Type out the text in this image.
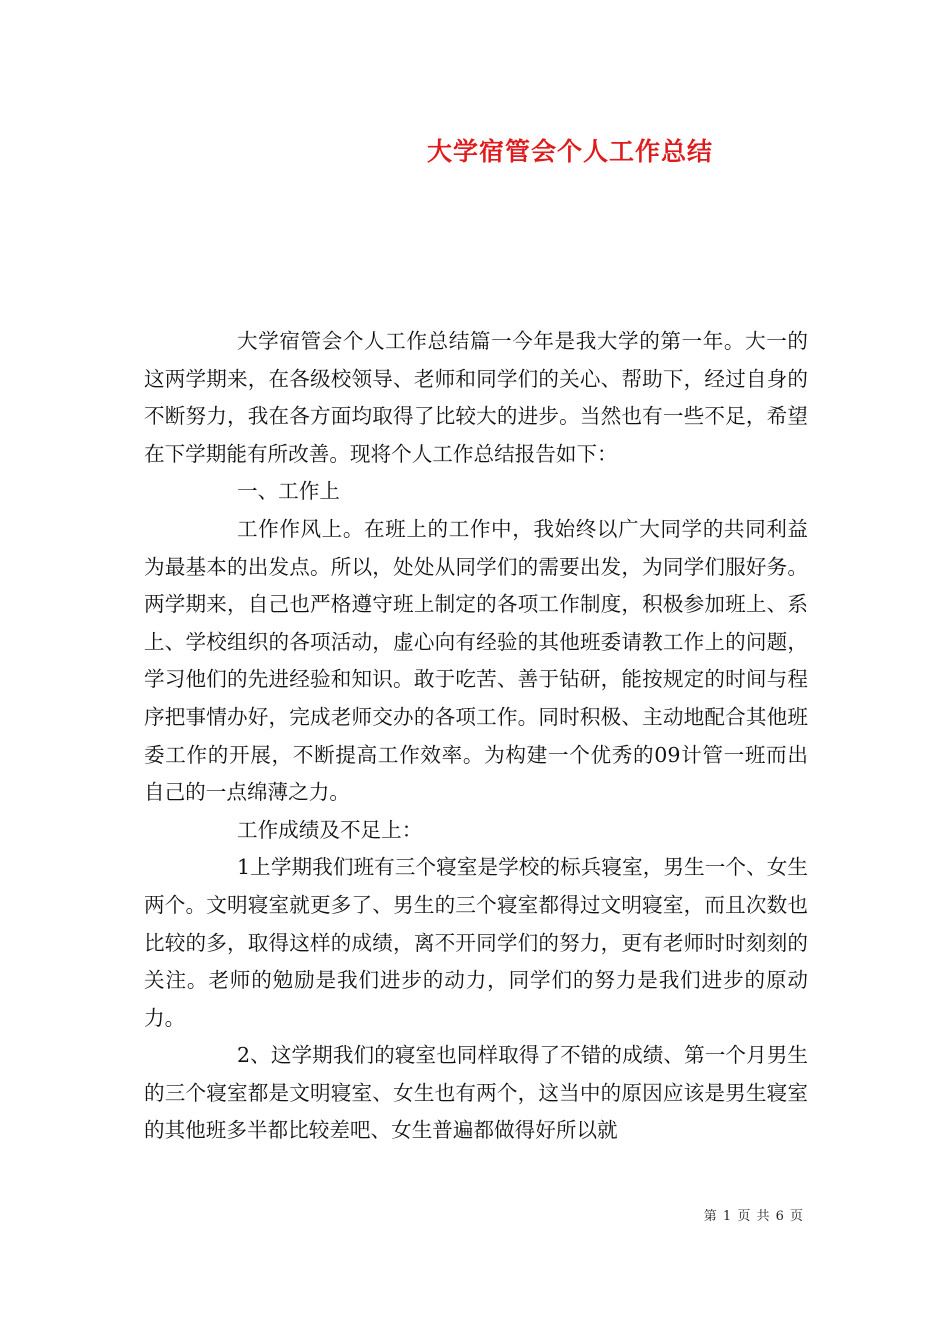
大学宿管会个人工作总结

大学宿管会个人工作总结篇一今年是我大学的第一年。大一的这两学期来，在各级校领导、老师和同学们的关心、帮助下，经过自身的不断努力，我在各方面均取得了比较大的进步。当然也有一些不足，希望在下学期能有所改善。现将个人工作总结报告如下：

一、工作上

工作作风上。在班上的工作中，我始终以广大同学的共同利益为最基本的出发点。所以，处处从同学们的需要出发，为同学们服好务。两学期来，自己也严格遵守班上制定的各项工作制度，积极参加班上、系上、学校组织的各项活动，虚心向有经验的其他班委请教工作上的问题，学习他们的先进经验和知识。敢于吃苦、善于钻研，能按规定的时间与程序把事情办好，完成老师交办的各项工作。同时积极、主动地配合其他班委工作的开展，不断提高工作效率。为构建一个优秀的09计管一班而出自己的一点绵薄之力。

工作成绩及不足上：

1上学期我们班有三个寝室是学校的标兵寝室，男生一个、女生两个。文明寝室就更多了、男生的三个寝室都得过文明寝室，而且次数也比较的多，取得这样的成绩，离不开同学们的努力，更有老师时时刻刻的关注。老师的勉励是我们进步的动力，同学们的努力是我们进步的原动力。

2、这学期我们的寝室也同样取得了不错的成绩、第一个月男生的三个寝室都是文明寝室、女生也有两个，这当中的原因应该是男生寝室的其他班多半都比较差吧、女生普遍都做得好所以就

第 1 页 共 6 页
